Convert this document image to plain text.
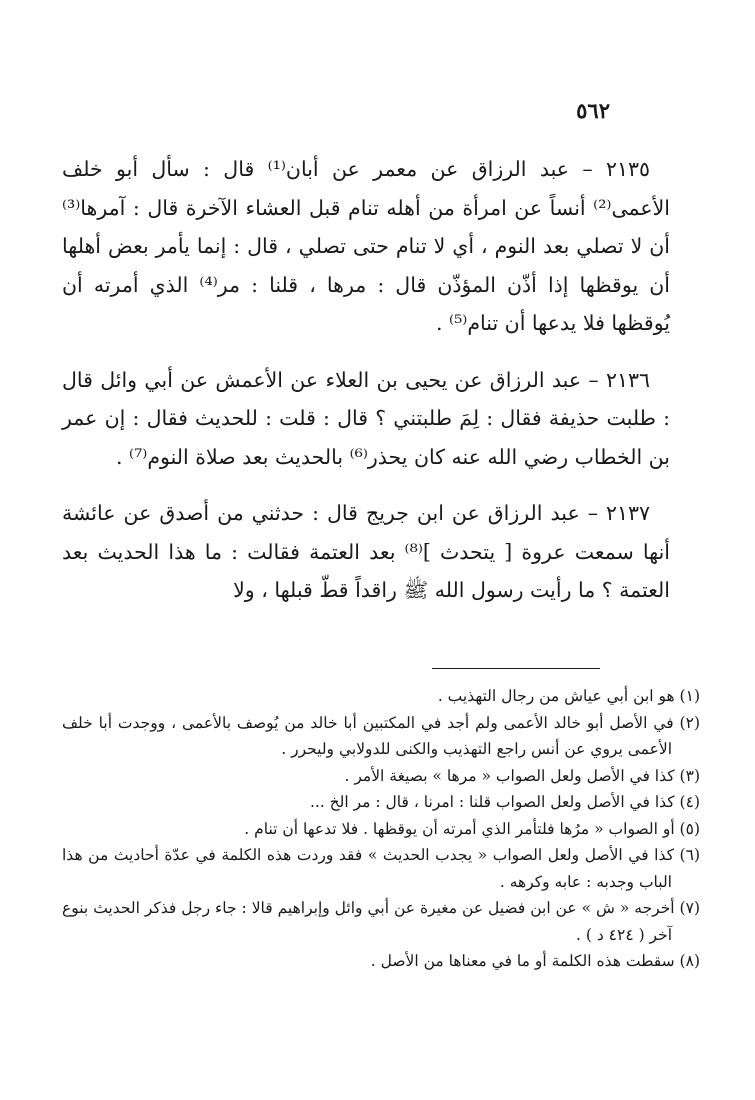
٥٦٢

٢١٣٥ – عبد الرزاق عن معمر عن أبان⁽¹⁾ قال : سأل أبو خلف الأعمى⁽²⁾ أنساً عن امرأة من أهله تنام قبل العشاء الآخرة قال : آمرها⁽³⁾ أن لا تصلي بعد النوم ، أي لا تنام حتى تصلي ، قال : إنما يأمر بعض أهلها أن يوقظها إذا أذّن المؤذّن قال : مرها ، قلنا : مر⁽⁴⁾ الذي أمرته أن يُوقظها فلا يدعها أن تنام⁽⁵⁾ .

٢١٣٦ – عبد الرزاق عن يحيى بن العلاء عن الأعمش عن أبي وائل قال : طلبت حذيفة فقال : لِمَ طلبتني ؟ قال : قلت : للحديث فقال : إن عمر بن الخطاب رضي الله عنه كان يحذر⁽⁶⁾ بالحديث بعد صلاة النوم⁽⁷⁾ .

٢١٣٧ – عبد الرزاق عن ابن جريج قال : حدثني من أصدق عن عائشة أنها سمعت عروة [ يتحدث ]⁽⁸⁾ بعد العتمة فقالت : ما هذا الحديث بعد العتمة ؟ ما رأيت رسول الله ﷺ راقداً قطّ قبلها ، ولا

(١) هو ابن أبي عياش من رجال التهذيب .

(٢) في الأصل أبو خالد الأعمى ولم أجد في المكتبين أبا خالد من يُوصف بالأعمى ، ووجدت أبا خلف الأعمى يروي عن أنس راجع التهذيب والكنى للدولابي وليحرر .

(٣) كذا في الأصل ولعل الصواب « مرها » بصيغة الأمر .

(٤) كذا في الأصل ولعل الصواب قلنا : امرنا ، قال : مر الخ ...

(٥) أو الصواب « مرُها فلتأمر الذي أمرته أن يوقظها . فلا تدعها أن تنام .

(٦) كذا في الأصل ولعل الصواب « يجدب الحديث » فقد وردت هذه الكلمة في عدّة أحاديث من هذا الباب وجدبه : عابه وكرهه .

(٧) أخرجه « ش » عن ابن فضيل عن مغيرة عن أبي وائل وإبراهيم قالا : جاء رجل فذكر الحديث بنوع آخر ( ٤٢٤ د ) .

(٨) سقطت هذه الكلمة أو ما في معناها من الأصل .
